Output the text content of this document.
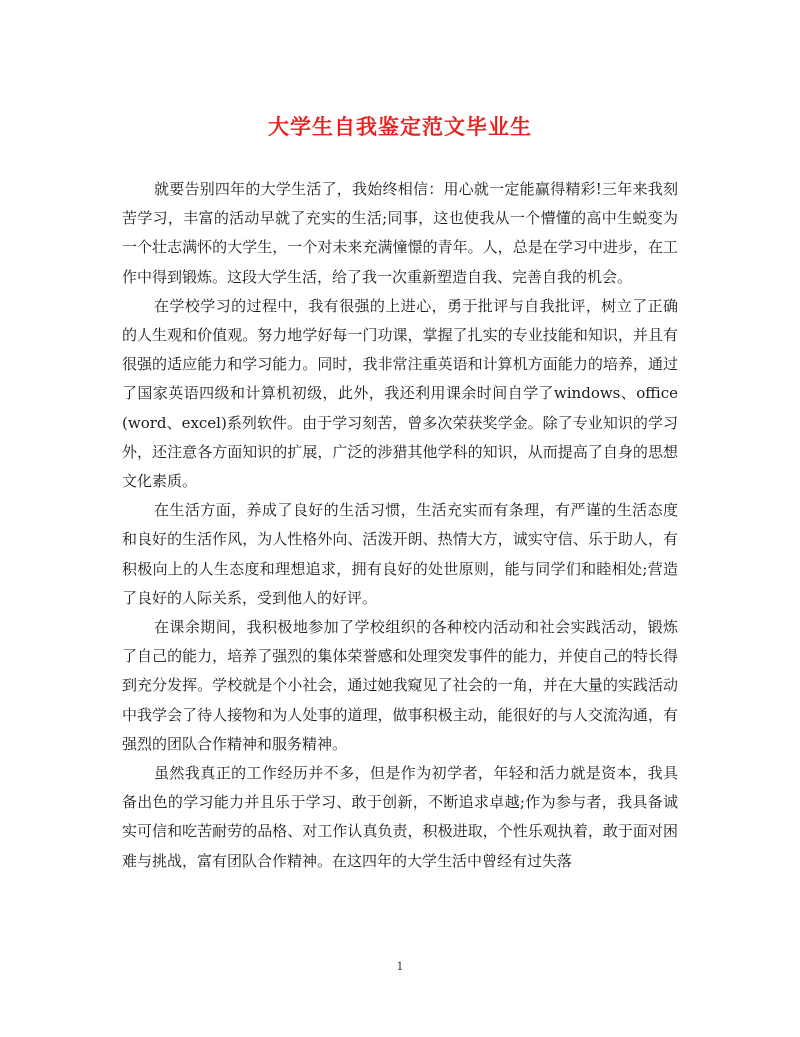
大学生自我鉴定范文毕业生

就要告别四年的大学生活了，我始终相信：用心就一定能赢得精彩!三年来我刻苦学习，丰富的活动早就了充实的生活;同事，这也使我从一个懵懂的高中生蜕变为一个壮志满怀的大学生，一个对未来充满憧憬的青年。人，总是在学习中进步，在工作中得到锻炼。这段大学生活，给了我一次重新塑造自我、完善自我的机会。

在学校学习的过程中，我有很强的上进心，勇于批评与自我批评，树立了正确的人生观和价值观。努力地学好每一门功课，掌握了扎实的专业技能和知识，并且有很强的适应能力和学习能力。同时，我非常注重英语和计算机方面能力的培养，通过了国家英语四级和计算机初级，此外，我还利用课余时间自学了windows、office(word、excel)系列软件。由于学习刻苦，曾多次荣获奖学金。除了专业知识的学习外，还注意各方面知识的扩展，广泛的涉猎其他学科的知识，从而提高了自身的思想文化素质。

在生活方面，养成了良好的生活习惯，生活充实而有条理，有严谨的生活态度和良好的生活作风，为人性格外向、活泼开朗、热情大方，诚实守信、乐于助人，有积极向上的人生态度和理想追求，拥有良好的处世原则，能与同学们和睦相处;营造了良好的人际关系，受到他人的好评。

在课余期间，我积极地参加了学校组织的各种校内活动和社会实践活动，锻炼了自己的能力，培养了强烈的集体荣誉感和处理突发事件的能力，并使自己的特长得到充分发挥。学校就是个小社会，通过她我窥见了社会的一角，并在大量的实践活动中我学会了待人接物和为人处事的道理，做事积极主动，能很好的与人交流沟通，有强烈的团队合作精神和服务精神。

虽然我真正的工作经历并不多，但是作为初学者，年轻和活力就是资本，我具备出色的学习能力并且乐于学习、敢于创新，不断追求卓越;作为参与者，我具备诚实可信和吃苦耐劳的品格、对工作认真负责，积极进取，个性乐观执着，敢于面对困难与挑战，富有团队合作精神。在这四年的大学生活中曾经有过失落

1
